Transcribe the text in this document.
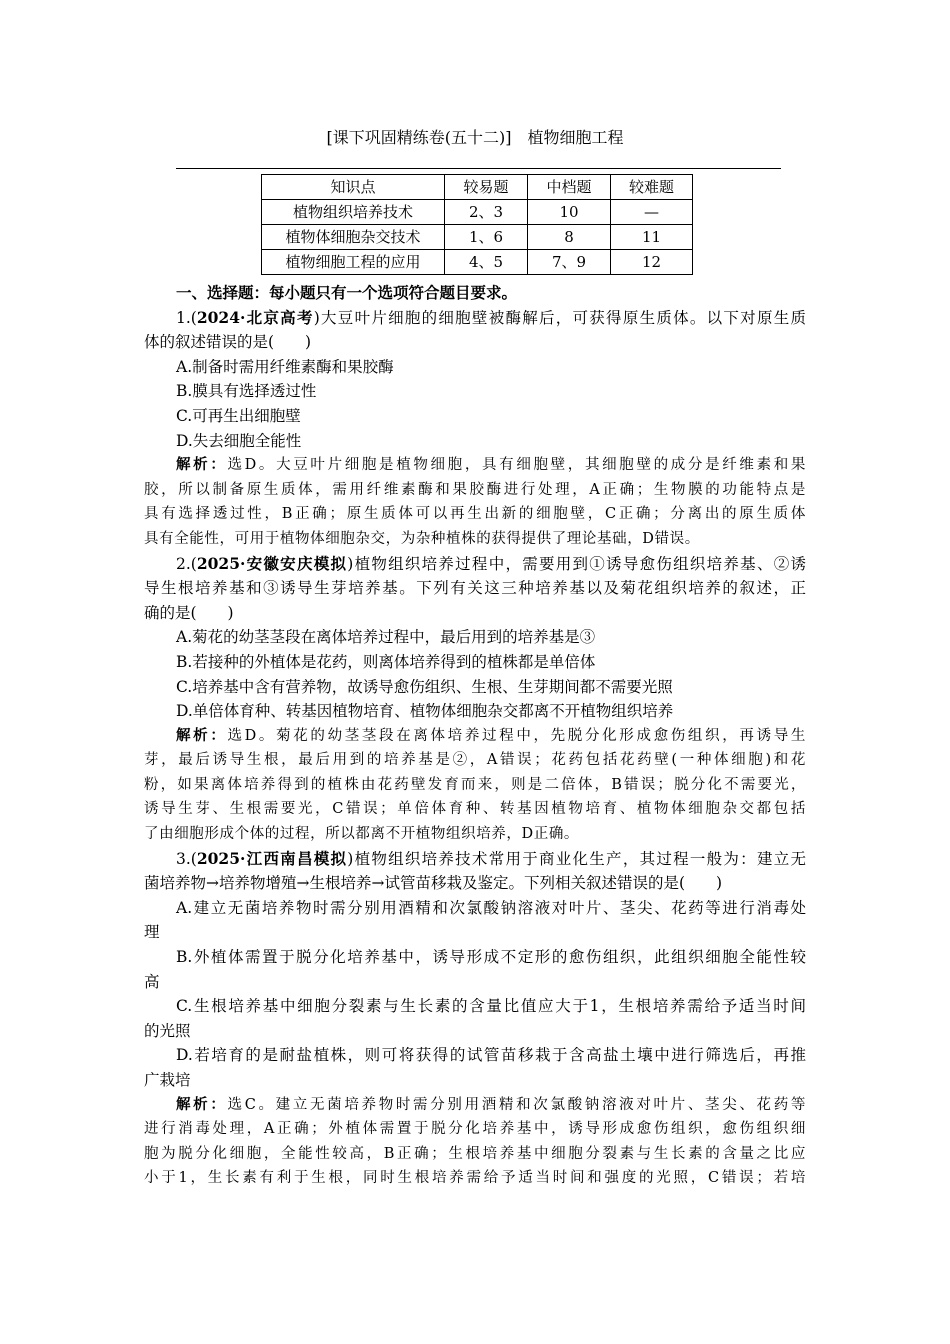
[课下巩固精练卷(五十二)]　植物细胞工程
知识点	较易题	中档题	较难题
植物组织培养技术	2、3	10	—
植物体细胞杂交技术	1、6	8	11
植物细胞工程的应用	4、5	7、9	12
一、选择题：每小题只有一个选项符合题目要求。
1.(2024·北京高考)大豆叶片细胞的细胞壁被酶解后，可获得原生质体。以下对原生质
体的叙述错误的是(　　)
A.制备时需用纤维素酶和果胶酶
B.膜具有选择透过性
C.可再生出细胞壁
D.失去细胞全能性
解析：选D。大豆叶片细胞是植物细胞，具有细胞壁，其细胞壁的成分是纤维素和果
胶，所以制备原生质体，需用纤维素酶和果胶酶进行处理，A正确；生物膜的功能特点是
具有选择透过性，B正确；原生质体可以再生出新的细胞壁，C正确；分离出的原生质体
具有全能性，可用于植物体细胞杂交，为杂种植株的获得提供了理论基础，D错误。
2.(2025·安徽安庆模拟)植物组织培养过程中，需要用到①诱导愈伤组织培养基、②诱
导生根培养基和③诱导生芽培养基。下列有关这三种培养基以及菊花组织培养的叙述，正
确的是(　　)
A.菊花的幼茎茎段在离体培养过程中，最后用到的培养基是③
B.若接种的外植体是花药，则离体培养得到的植株都是单倍体
C.培养基中含有营养物，故诱导愈伤组织、生根、生芽期间都不需要光照
D.单倍体育种、转基因植物培育、植物体细胞杂交都离不开植物组织培养
解析：选D。菊花的幼茎茎段在离体培养过程中，先脱分化形成愈伤组织，再诱导生
芽，最后诱导生根，最后用到的培养基是②，A错误；花药包括花药壁(一种体细胞)和花
粉，如果离体培养得到的植株由花药壁发育而来，则是二倍体，B错误；脱分化不需要光，
诱导生芽、生根需要光，C错误；单倍体育种、转基因植物培育、植物体细胞杂交都包括
了由细胞形成个体的过程，所以都离不开植物组织培养，D正确。
3.(2025·江西南昌模拟)植物组织培养技术常用于商业化生产，其过程一般为：建立无
菌培养物→培养物增殖→生根培养→试管苗移栽及鉴定。下列相关叙述错误的是(　　)
A.建立无菌培养物时需分别用酒精和次氯酸钠溶液对叶片、茎尖、花药等进行消毒处
理
B.外植体需置于脱分化培养基中，诱导形成不定形的愈伤组织，此组织细胞全能性较
高
C.生根培养基中细胞分裂素与生长素的含量比值应大于1，生根培养需给予适当时间
的光照
D.若培育的是耐盐植株，则可将获得的试管苗移栽于含高盐土壤中进行筛选后，再推
广栽培
解析：选C。建立无菌培养物时需分别用酒精和次氯酸钠溶液对叶片、茎尖、花药等
进行消毒处理，A正确；外植体需置于脱分化培养基中，诱导形成愈伤组织，愈伤组织细
胞为脱分化细胞，全能性较高，B正确；生根培养基中细胞分裂素与生长素的含量之比应
小于1，生长素有利于生根，同时生根培养需给予适当时间和强度的光照，C错误；若培
